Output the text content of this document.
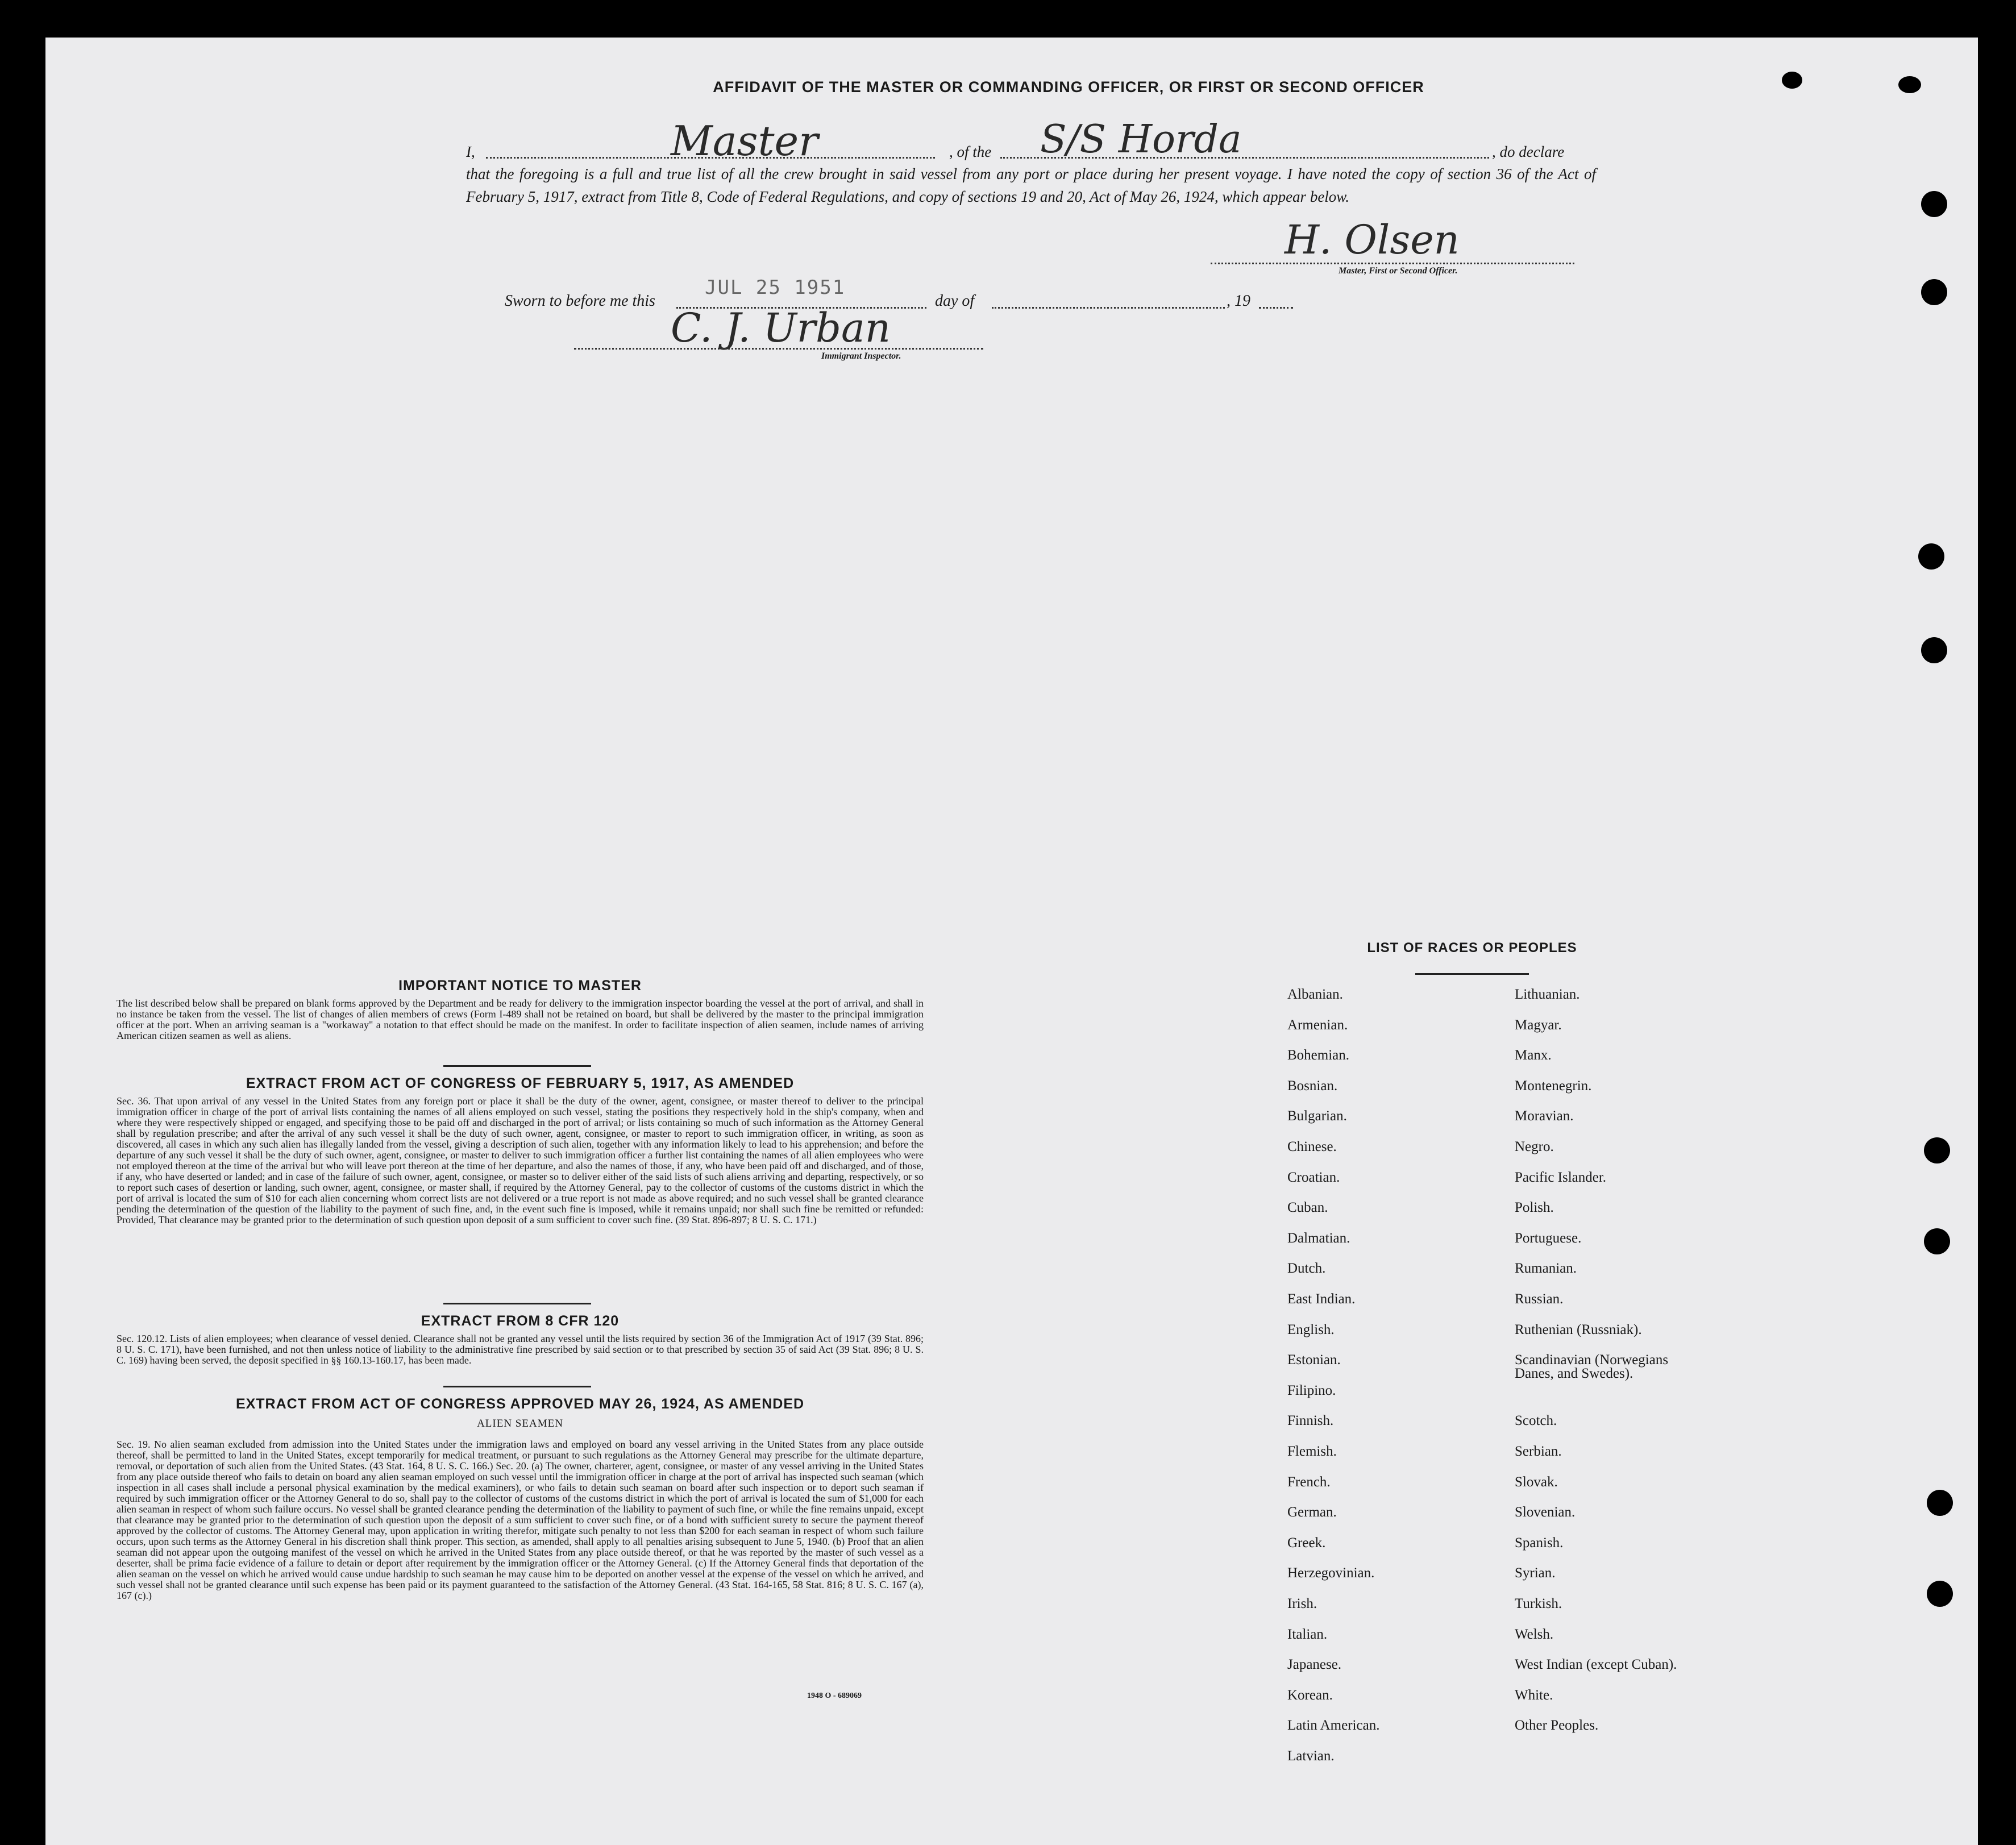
AFFIDAVIT OF THE MASTER OR COMMANDING OFFICER, OR FIRST OR SECOND OFFICER
I,	Master	, of the S/S Horda	, do declare
that the foregoing is a full and true list of all the crew brought in said vessel from any port or place during her present voyage. I have noted the copy of section 36 of the Act of February 5, 1917, extract from Title 8, Code of Federal Regulations, and copy of sections 19 and 20, Act of May 26, 1924, which appear below.
H. Olsen
Master, First or Second Officer.
Sworn to before me this
JUL 25 1951
day of	, 19
C. J. Urban
Immigrant Inspector.
IMPORTANT NOTICE TO MASTER
The list described below shall be prepared on blank forms approved by the Department and be ready for delivery to the immigration inspector boarding the vessel at the port of arrival, and shall in no instance be taken from the vessel. The list of changes of alien members of crews (Form I-489 shall not be retained on board, but shall be delivered by the master to the principal immigration officer at the port. When an arriving seaman is a "workaway" a notation to that effect should be made on the manifest. In order to facilitate inspection of alien seamen, include names of arriving American citizen seamen as well as aliens.
EXTRACT FROM ACT OF CONGRESS OF FEBRUARY 5, 1917, AS AMENDED
Sec. 36. That upon arrival of any vessel in the United States from any foreign port or place it shall be the duty of the owner, agent, consignee, or master thereof to deliver to the principal immigration officer in charge of the port of arrival lists containing the names of all aliens employed on such vessel, stating the positions they respectively hold in the ship's company, when and where they were respectively shipped or engaged, and specifying those to be paid off and discharged in the port of arrival; or lists containing so much of such information as the Attorney General shall by regulation prescribe; and after the arrival of any such vessel it shall be the duty of such owner, agent, consignee, or master to report to such immigration officer, in writing, as soon as discovered, all cases in which any such alien has illegally landed from the vessel, giving a description of such alien, together with any information likely to lead to his apprehension; and before the departure of any such vessel it shall be the duty of such owner, agent, consignee, or master to deliver to such immigration officer a further list containing the names of all alien employees who were not employed thereon at the time of the arrival but who will leave port thereon at the time of her departure, and also the names of those, if any, who have been paid off and discharged, and of those, if any, who have deserted or landed; and in case of the failure of such owner, agent, consignee, or master so to deliver either of the said lists of such aliens arriving and departing, respectively, or so to report such cases of desertion or landing, such owner, agent, consignee, or master shall, if required by the Attorney General, pay to the collector of customs of the customs district in which the port of arrival is located the sum of $10 for each alien concerning whom correct lists are not delivered or a true report is not made as above required; and no such vessel shall be granted clearance pending the determination of the question of the liability to the payment of such fine, and, in the event such fine is imposed, while it remains unpaid; nor shall such fine be remitted or refunded: Provided, That clearance may be granted prior to the determination of such question upon deposit of a sum sufficient to cover such fine. (39 Stat. 896-897; 8 U. S. C. 171.)
EXTRACT FROM 8 CFR 120
Sec. 120.12. Lists of alien employees; when clearance of vessel denied. Clearance shall not be granted any vessel until the lists required by section 36 of the Immigration Act of 1917 (39 Stat. 896; 8 U. S. C. 171), have been furnished, and not then unless notice of liability to the administrative fine prescribed by said section or to that prescribed by section 35 of said Act (39 Stat. 896; 8 U. S. C. 169) having been served, the deposit specified in §§ 160.13-160.17, has been made.
EXTRACT FROM ACT OF CONGRESS APPROVED MAY 26, 1924, AS AMENDED
ALIEN SEAMEN
Sec. 19. No alien seaman excluded from admission into the United States under the immigration laws and employed on board any vessel arriving in the United States from any place outside thereof, shall be permitted to land in the United States, except temporarily for medical treatment, or pursuant to such regulations as the Attorney General may prescribe for the ultimate departure, removal, or deportation of such alien from the United States. (43 Stat. 164, 8 U. S. C. 166.) Sec. 20. (a) The owner, charterer, agent, consignee, or master of any vessel arriving in the United States from any place outside thereof who fails to detain on board any alien seaman employed on such vessel until the immigration officer in charge at the port of arrival has inspected such seaman (which inspection in all cases shall include a personal physical examination by the medical examiners), or who fails to detain such seaman on board after such inspection or to deport such seaman if required by such immigration officer or the Attorney General to do so, shall pay to the collector of customs of the customs district in which the port of arrival is located the sum of $1,000 for each alien seaman in respect of whom such failure occurs. No vessel shall be granted clearance pending the determination of the liability to payment of such fine, or while the fine remains unpaid, except that clearance may be granted prior to the determination of such question upon the deposit of a sum sufficient to cover such fine, or of a bond with sufficient surety to secure the payment thereof approved by the collector of customs. The Attorney General may, upon application in writing therefor, mitigate such penalty to not less than $200 for each seaman in respect of whom such failure occurs, upon such terms as the Attorney General in his discretion shall think proper. This section, as amended, shall apply to all penalties arising subsequent to June 5, 1940. (b) Proof that an alien seaman did not appear upon the outgoing manifest of the vessel on which he arrived in the United States from any place outside thereof, or that he was reported by the master of such vessel as a deserter, shall be prima facie evidence of a failure to detain or deport after requirement by the immigration officer or the Attorney General. (c) If the Attorney General finds that deportation of the alien seaman on the vessel on which he arrived would cause undue hardship to such seaman he may cause him to be deported on another vessel at the expense of the vessel on which he arrived, and such vessel shall not be granted clearance until such expense has been paid or its payment guaranteed to the satisfaction of the Attorney General. (43 Stat. 164-165, 58 Stat. 816; 8 U. S. C. 167 (a), 167 (c).)
1948 O - 689069
LIST OF RACES OR PEOPLES
Albanian.
Armenian.
Bohemian.
Bosnian.
Bulgarian.
Chinese.
Croatian.
Cuban.
Dalmatian.
Dutch.
East Indian.
English.
Estonian.
Filipino.
Finnish.
Flemish.
French.
German.
Greek.
Herzegovinian.
Irish.
Italian.
Japanese.
Korean.
Latin American.
Latvian.
Lithuanian.
Magyar.
Manx.
Montenegrin.
Moravian.
Negro.
Pacific Islander.
Polish.
Portuguese.
Rumanian.
Russian.
Ruthenian (Russniak).
Scandinavian (Norwegians
Danes, and Swedes).
Scotch.
Serbian.
Slovak.
Slovenian.
Spanish.
Syrian.
Turkish.
Welsh.
West Indian (except Cuban).
White.
Other Peoples.
